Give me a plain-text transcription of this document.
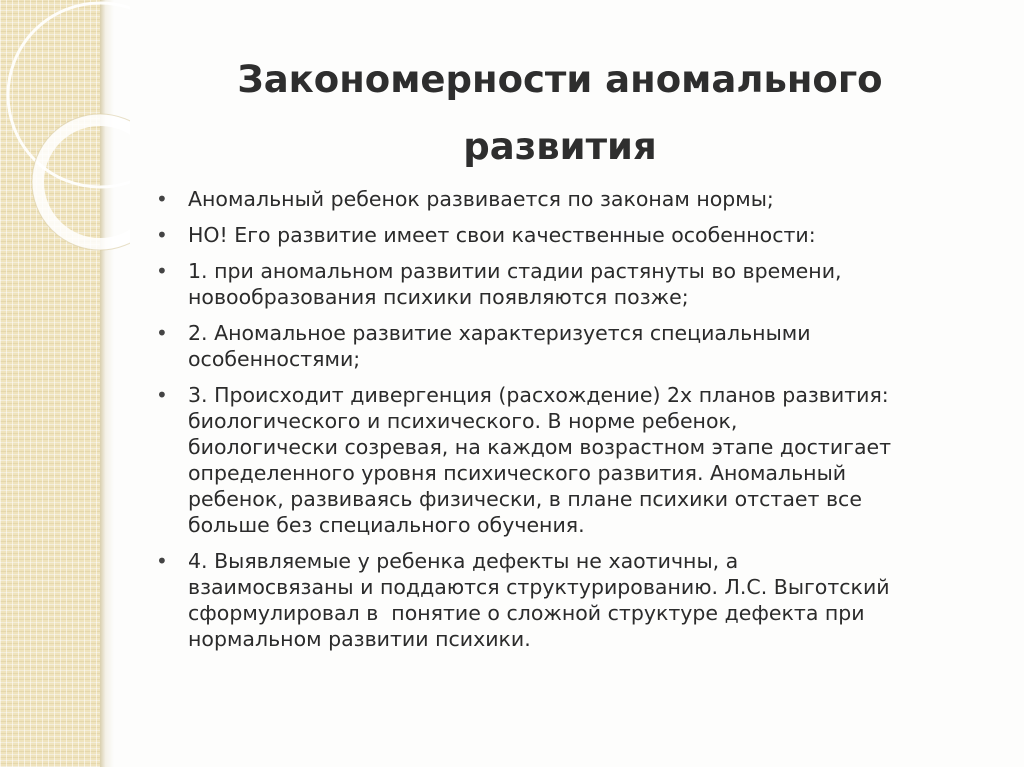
Закономерности аномального
развития
• Аномальный ребенок развивается по законам нормы;
• НО! Его развитие имеет свои качественные особенности:
• 1. при аномальном развитии стадии растянуты во времени,
новообразования психики появляются позже;
• 2. Аномальное развитие характеризуется специальными
особенностями;
• 3. Происходит дивергенция (расхождение) 2х планов развития:
биологического и психического. В норме ребенок,
биологически созревая, на каждом возрастном этапе достигает
определенного уровня психического развития. Аномальный
ребенок, развиваясь физически, в плане психики отстает все
больше без специального обучения.
• 4. Выявляемые у ребенка дефекты не хаотичны, а
взаимосвязаны и поддаются структурированию. Л.С. Выготский
сформулировал в  понятие о сложной структуре дефекта при
нормальном развитии психики.
